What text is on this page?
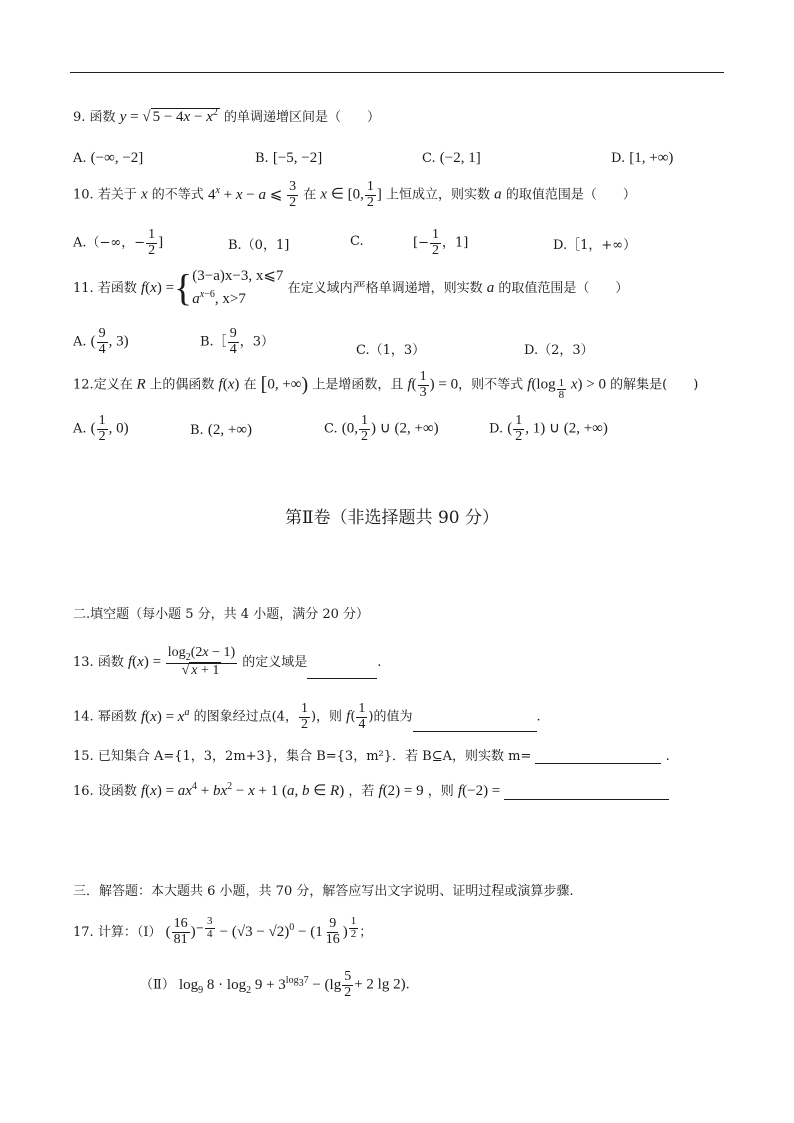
9. 函数 y = √ $5 - 4x - x^2$ 的单调递增区间是（　　）
A. (−∞, −2]	B. [−5, −2]	C. (−2, 1]	D. [1, +∞)
10. 若关于 x 的不等式 $4^x + x - a$ ⩽ $\frac{3}{2}$ 在 x ∈ [0, $\frac{1}{2}$ ] 上恒成立，则实数 a 的取值范围是（　　）
A.（−∞，− $\frac{1}{2}$ ]	B.（0，1]	C.	[− $\frac{1}{2}$ ，1]	D.［1，+∞）
11. 若函数 f(x) ={ (3−a)x−3, x⩽7
$a^{x-6}$, x>7
在定义域内严格单调递增，则实数 a 的取值范围是（　　）
A. ( $\frac{9}{4}$ , 3)	B.［ $\frac{9}{4}$ ，3）
C.（1，3）	D.（2，3）
12.定义在 R 上的偶函数 f(x) 在 [0, +∞) 上是增函数，且 $f( \frac{1}{3}$ ) = 0，则不等式 f(log $_{\frac{1}{8}}$ x) > 0 的解集是(　　)
A. ( $\frac{1}{2}$ , 0)	B. (2, +∞)	C. (0, $\frac{1}{2}$ ) ∪ (2, +∞)	D. ( $\frac{1}{2}$ , 1) ∪ (2, +∞)
第Ⅱ卷（非选择题共 90 分）
二.填空题（每小题 5 分，共 4 小题，满分 20 分）
13. 函数 $f(x) = \frac{\log_2(2x - 1)}{√ x + 1}$ 的定义域是	.
14. 幂函数 $f(x) = x^a$ 的图象经过点(4， $\frac{1}{2}$ )，则 $f( \frac{1}{4}$ )的值为	.
15. 已知集合 A={1，3，2m+3}，集合 B={3，m²}．若 B⊆A，则实数 m=	.
16. 设函数 $f(x) = ax^4 + bx^2 - x + 1$ (a, b ∈ R) ，若 f(2) = 9 ，则 f(−2) =
三．解答题：本大题共 6 小题，共 70 分，解答应写出文字说明、证明过程或演算步骤.
17. 计算：（Ⅰ） ( $\frac{16}{81} )^{- \frac{3}{4}} - (√3 - √2)^0 - (1 \frac{9}{16}$ ) $^{\frac{1}{2}}$ ；
（Ⅱ） $\log_9 8 \cdot \log_2 9 + 3^{log_37} - (\lg \frac{5}{2} + 2$ lg 2).
